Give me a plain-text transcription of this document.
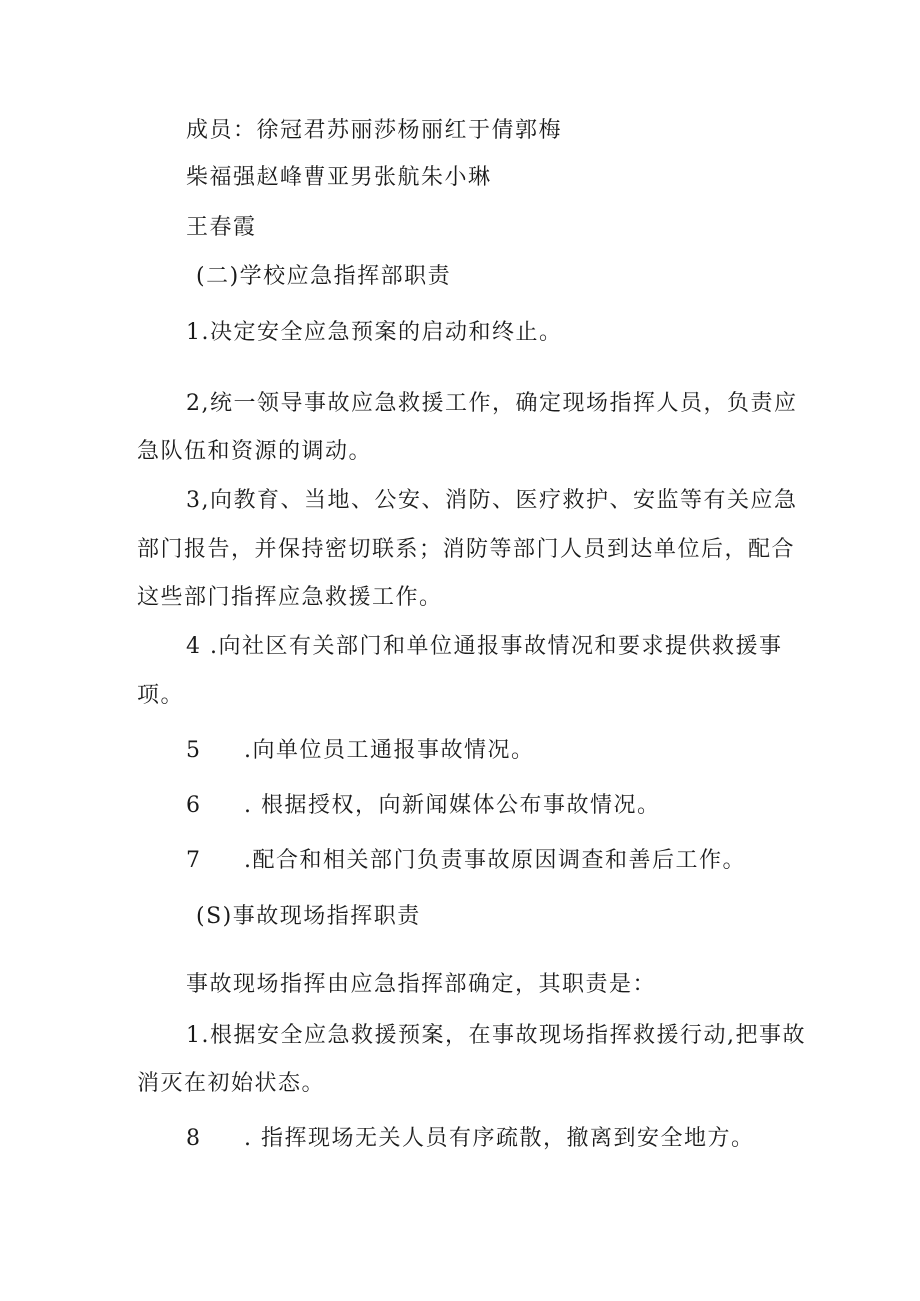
成员：徐冠君苏丽莎杨丽红于倩郭梅
柴福强赵峰曹亚男张航朱小琳
王春霞
(二)学校应急指挥部职责
1.决定安全应急预案的启动和终止。
2,统一领导事故应急救援工作，确定现场指挥人员，负责应
急队伍和资源的调动。
3,向教育、当地、公安、消防、医疗救护、安监等有关应急
部门报告，并保持密切联系；消防等部门人员到达单位后，配合
这些部门指挥应急救援工作。
4 .向社区有关部门和单位通报事故情况和要求提供救援事
项。
5 .向单位员工通报事故情况。
6 . 根据授权，向新闻媒体公布事故情况。
7 .配合和相关部门负责事故原因调查和善后工作。
(S)事故现场指挥职责
事故现场指挥由应急指挥部确定，其职责是：
1.根据安全应急救援预案，在事故现场指挥救援行动,把事故
消灭在初始状态。
8 . 指挥现场无关人员有序疏散，撤离到安全地方。
